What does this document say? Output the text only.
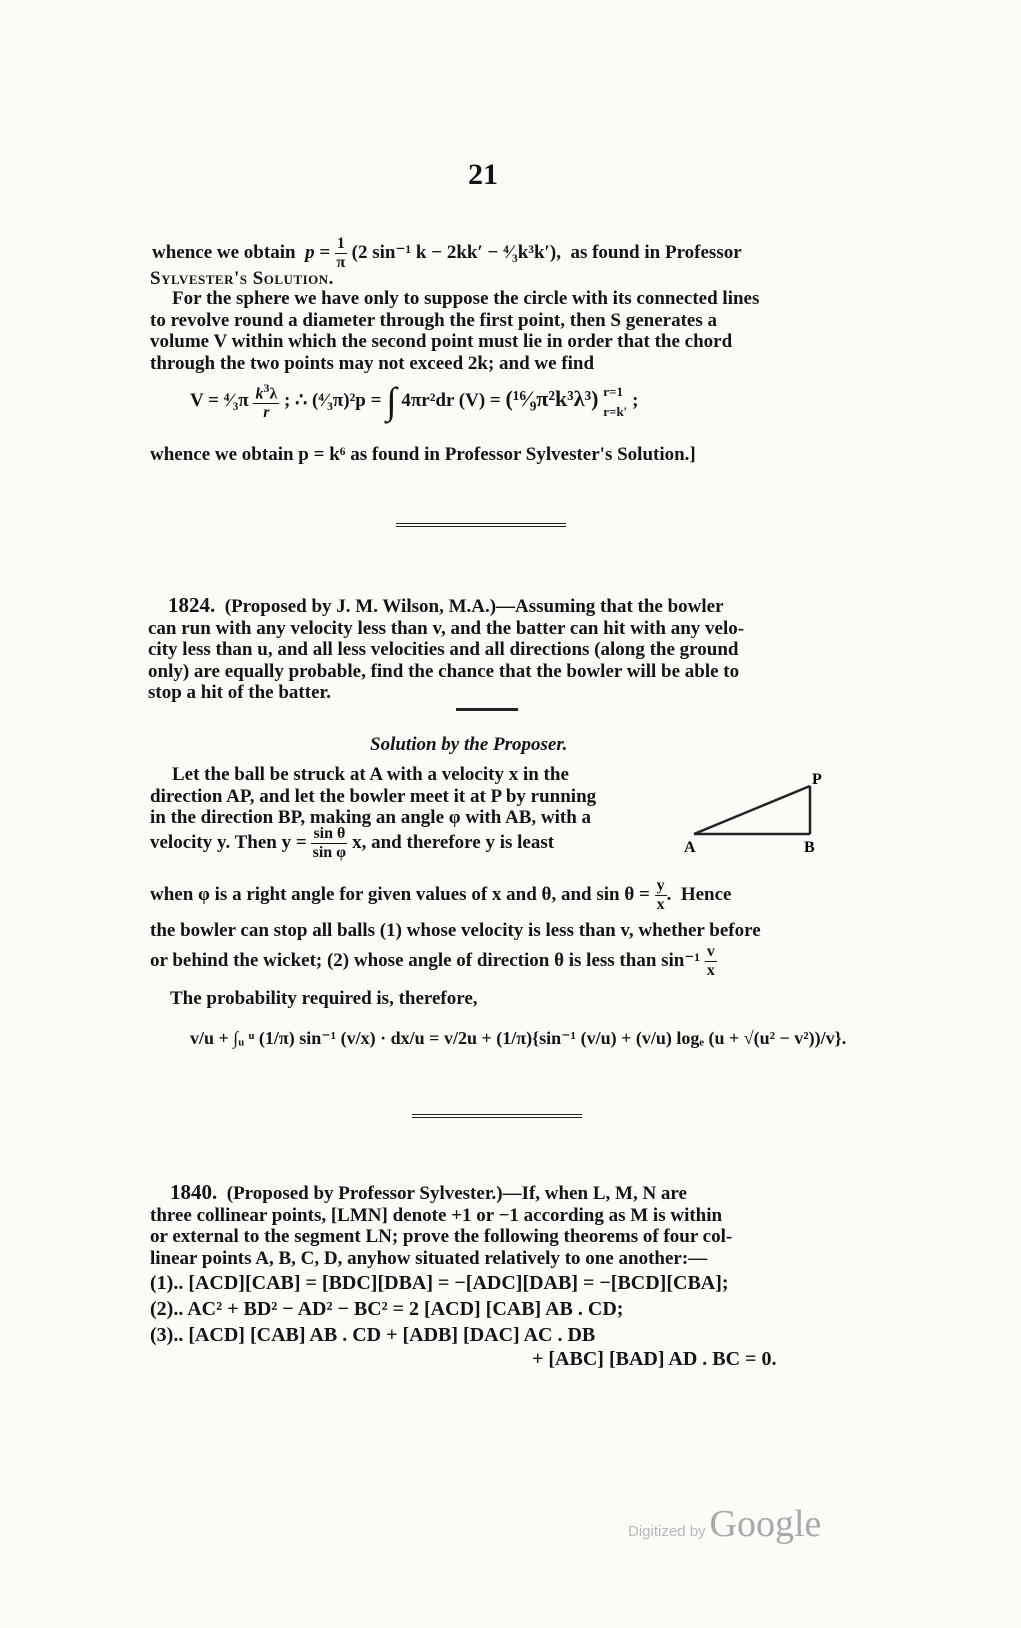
21
whence we obtain $p = \frac{1}{\pi} (2$ sin⁻¹ k − 2kk′ − ⁴⁄₃k³k′), as found in Professor
Sylvester's Solution.
For the sphere we have only to suppose the circle with its connected lines
to revolve round a diameter through the first point, then S generates a
volume V within which the second point must lie in order that the chord
through the two points may not exceed 2k; and we find
V = ⁴⁄₃π $\frac{k^3\lambda}{r}$ ; ∴ (⁴⁄₃π)²p = ∫ 4πr²dr (V) = (¹⁶⁄₉π²k³λ³) r=1
r=k′
;
whence we obtain p = k⁶ as found in Professor Sylvester's Solution.]
1824. (Proposed by J. M. Wilson, M.A.)—Assuming that the bowler
can run with any velocity less than v, and the batter can hit with any velo-
city less than u, and all less velocities and all directions (along the ground
only) are equally probable, find the chance that the bowler will be able to
stop a hit of the batter.
Solution by the Proposer.
Let the ball be struck at A with a velocity x in the
direction AP, and let the bowler meet it at P by running
in the direction BP, making an angle φ with AB, with a
velocity y. Then $y = \frac{\text{sin θ}}{\text{sin φ}} x$, and therefore y is least	A	B
P
when φ is a right angle for given values of x and θ, and $\sin \theta = \frac{y}{x}$ .  Hence
the bowler can stop all balls (1) whose velocity is less than v, whether before
or behind the wicket; (2) whose angle of direction θ is less than $\sin^{-1} \frac{v}{x}$
The probability required is, therefore,
v/u + ∫ᵤ ᵘ (1/π) sin⁻¹ (v/x) · dx/u = v/2u + (1/π){sin⁻¹ (v/u) + (v/u) logₑ (u + √(u² − v²))/v}.
1840. (Proposed by Professor Sylvester.)—If, when L, M, N are
three collinear points, [LMN] denote +1 or −1 according as M is within
or external to the segment LN; prove the following theorems of four col-
linear points A, B, C, D, anyhow situated relatively to one another:—
(1).. [ACD][CAB] = [BDC][DBA] = −[ADC][DAB] = −[BCD][CBA];
(2).. AC² + BD² − AD² − BC² = 2 [ACD] [CAB] AB . CD;
(3).. [ACD] [CAB] AB . CD + [ADB] [DAC] AC . DB
+ [ABC] [BAD] AD . BC = 0.
Digitized by Google
